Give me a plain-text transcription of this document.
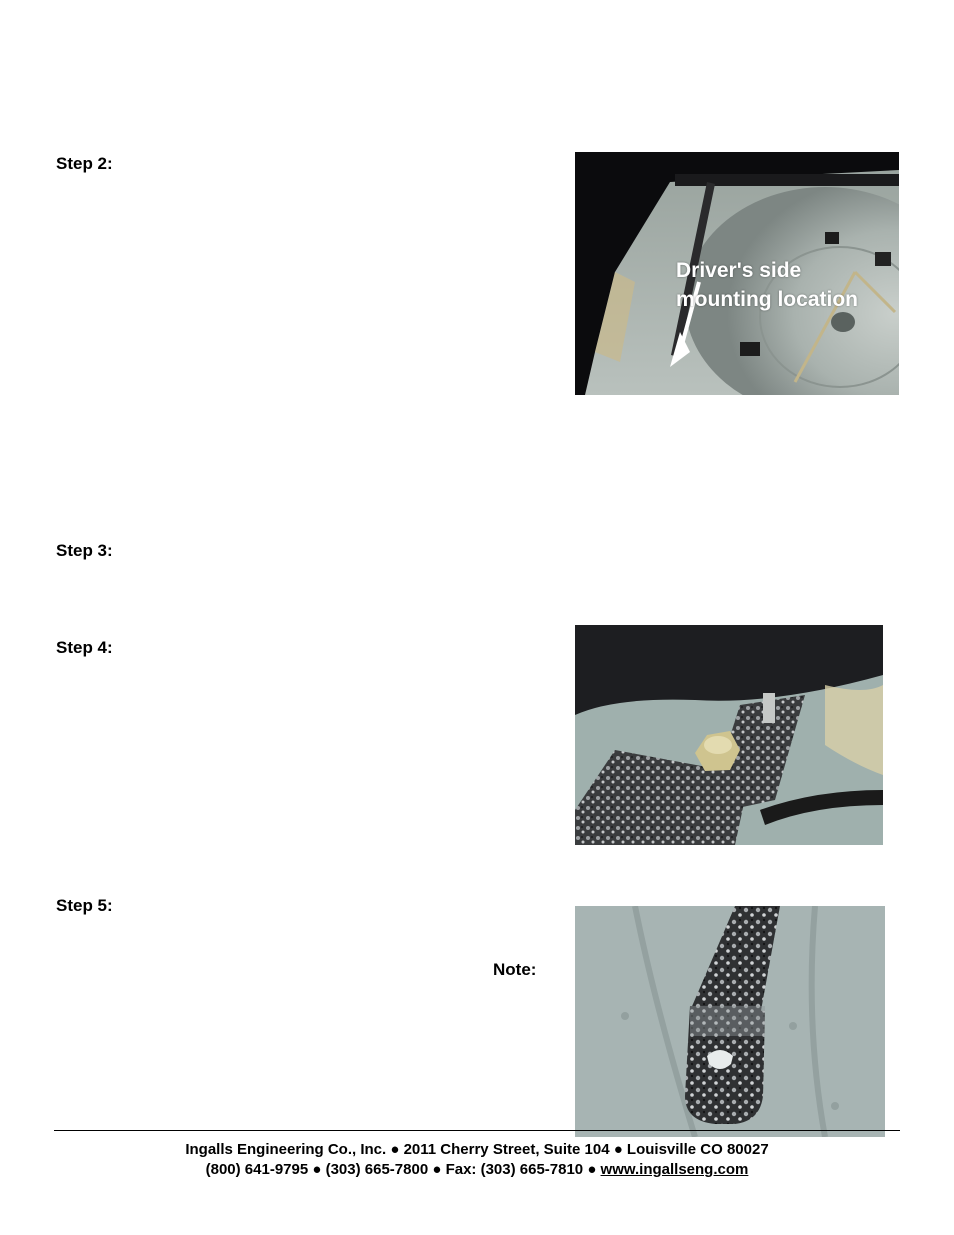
Step 2:
Step 3:
Step 4:
Step 5:
Note:
Driver's side
mounting location
Ingalls Engineering Co., Inc. ● 2011 Cherry Street, Suite 104 ● Louisville CO 80027
(800) 641-9795 ● (303) 665-7800 ● Fax: (303) 665-7810 ● www.ingallseng.com
